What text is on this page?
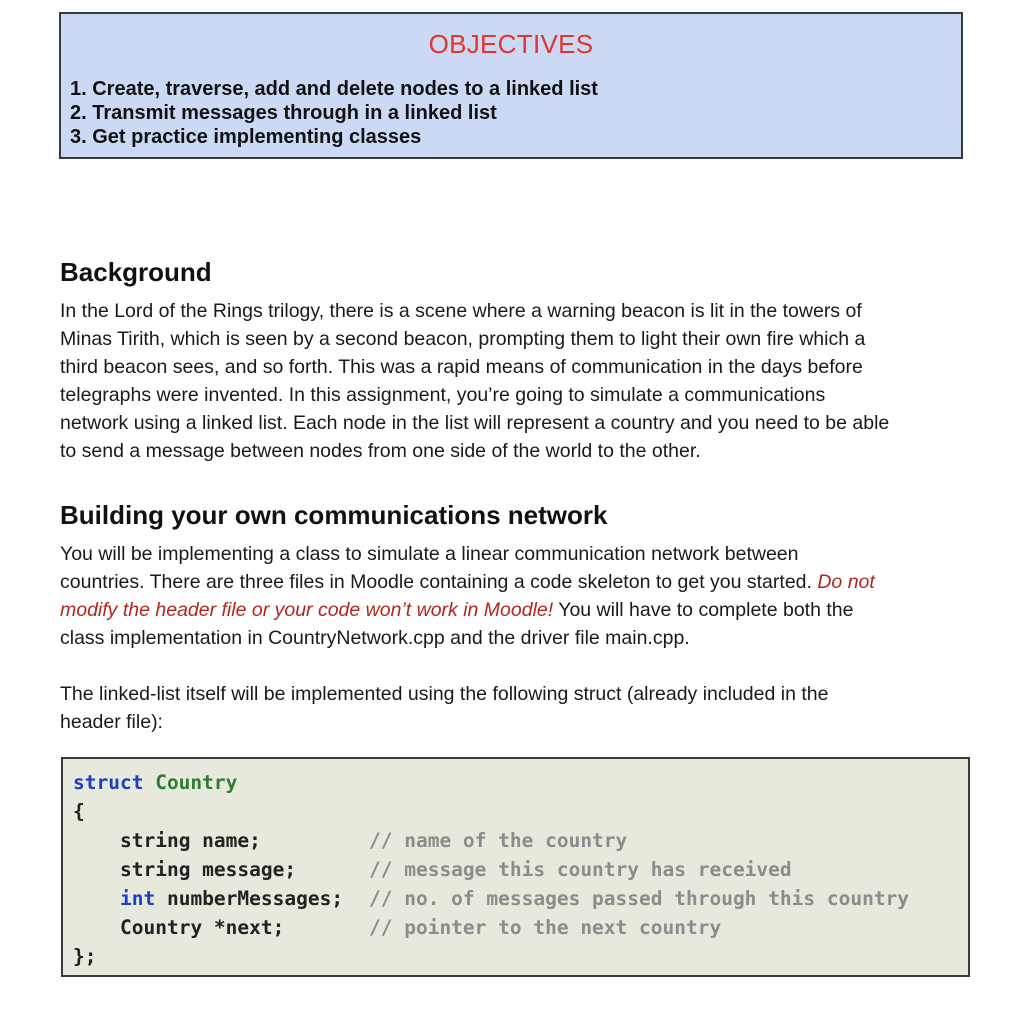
OBJECTIVES
1. Create, traverse, add and delete nodes to a linked list
2. Transmit messages through in a linked list
3. Get practice implementing classes
Background

In the Lord of the Rings trilogy, there is a scene where a warning beacon is lit in the towers of

Minas Tirith, which is seen by a second beacon, prompting them to light their own fire which a

third beacon sees, and so forth. This was a rapid means of communication in the days before

telegraphs were invented. In this assignment, you’re going to simulate a communications

network using a linked list. Each node in the list will represent a country and you need to be able

to send a message between nodes from one side of the world to the other.

Building your own communications network

You will be implementing a class to simulate a linear communication network between

countries. There are three files in Moodle containing a code skeleton to get you started. Do not

modify the header file or your code won’t work in Moodle! You will have to complete both the

class implementation in CountryNetwork.cpp and the driver file main.cpp.

The linked-list itself will be implemented using the following struct (already included in the

header file):

struct Country
{
string name;	// name of the country
string message;	// message this country has received
int numberMessages; // no. of messages passed through this country
Country *next;	// pointer to the next country
};
